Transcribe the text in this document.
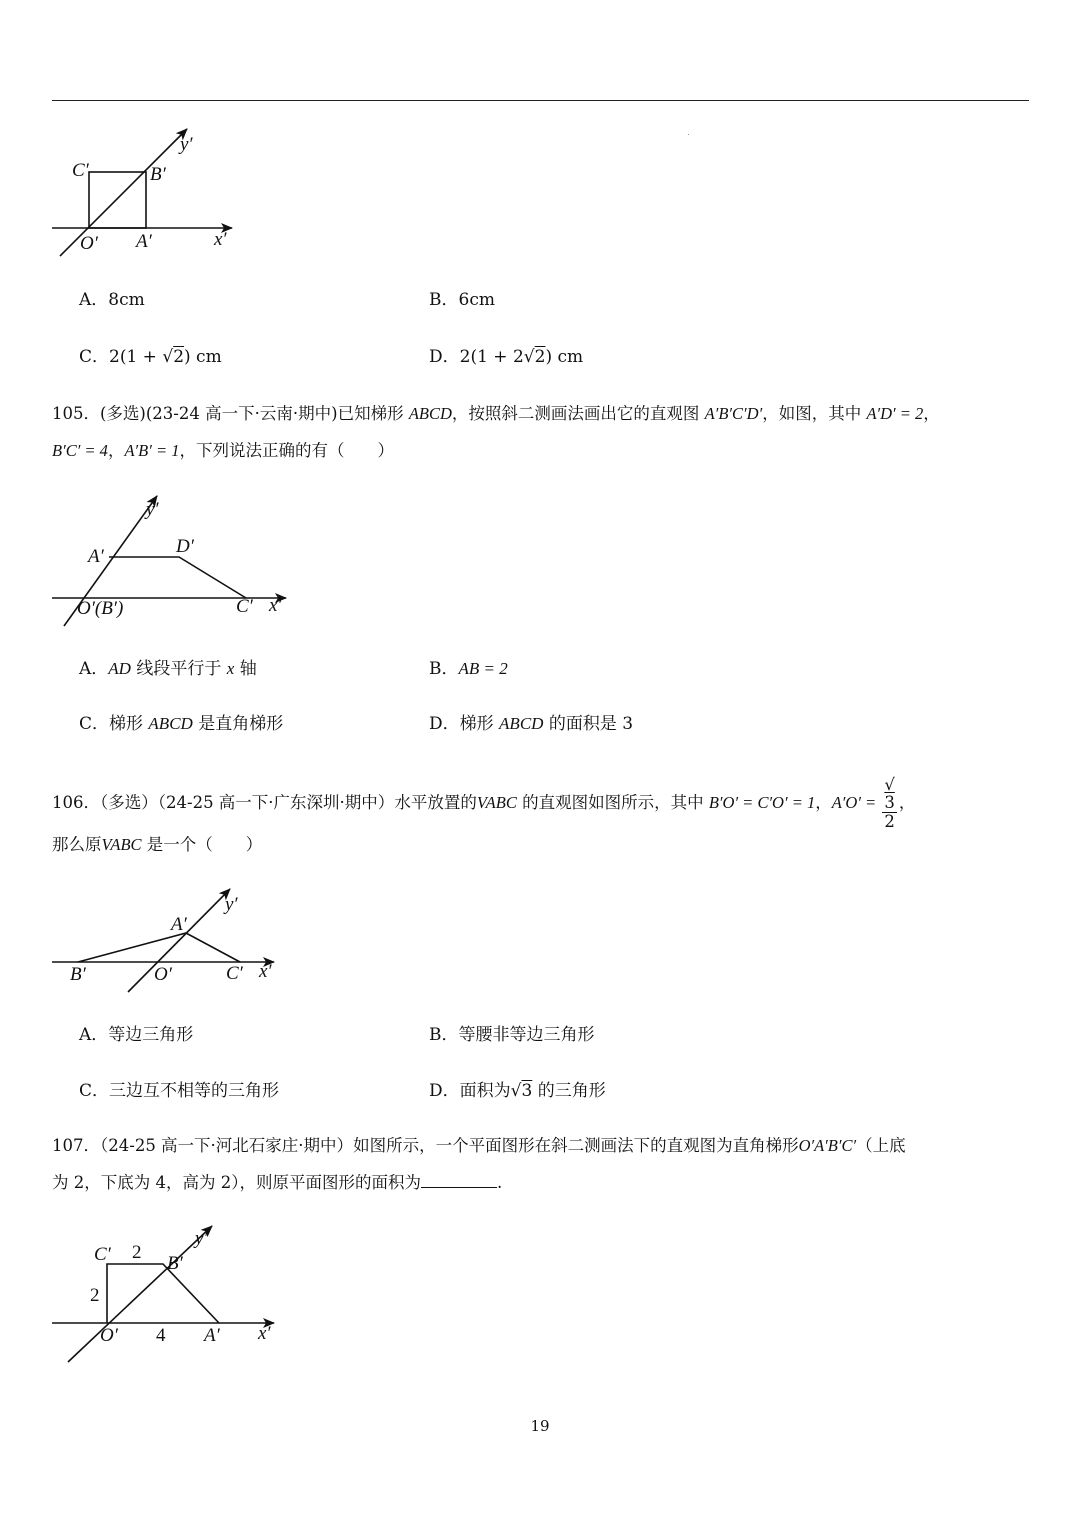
C′	B′
O′ A′	x′
y′
A．8cm	B．6cm
C．2(1 + √2) cm	D．2(1 + 2√2) cm
105．(多选)(23-24 高一下·云南·期中)已知梯形 ABCD，按照斜二测画法画出它的直观图 A′B′C′D′，如图，其中 A′D′ = 2，
B′C′ = 4，A′B′ = 1，下列说法正确的有（　　）
A′	D′
O′(B′)	C′ x′
y′
A．AD 线段平行于 x 轴	B．AB = 2
C．梯形 ABCD 是直角梯形	D．梯形 ABCD 的面积是 3
106．（多选）（24-25 高一下·广东深圳·期中）水平放置的VABC 的直观图如图所示，其中 B′O′ = C′O′ = 1，A′O′ = √
3
2 ，
那么原VABC 是一个（　　）
A′
B′	O′	C′ x′
y′
A．等边三角形	B．等腰非等边三角形
C．三边互不相等的三角形	D．面积为√3 的三角形
107．（24-25 高一下·河北石家庄·期中）如图所示，一个平面图形在斜二测画法下的直观图为直角梯形O′A′B′C′（上底
为 2，下底为 4，高为 2），则原平面图形的面积为	.
C′ 2
B′
2
O′ 4 A′ x′
y′
19
